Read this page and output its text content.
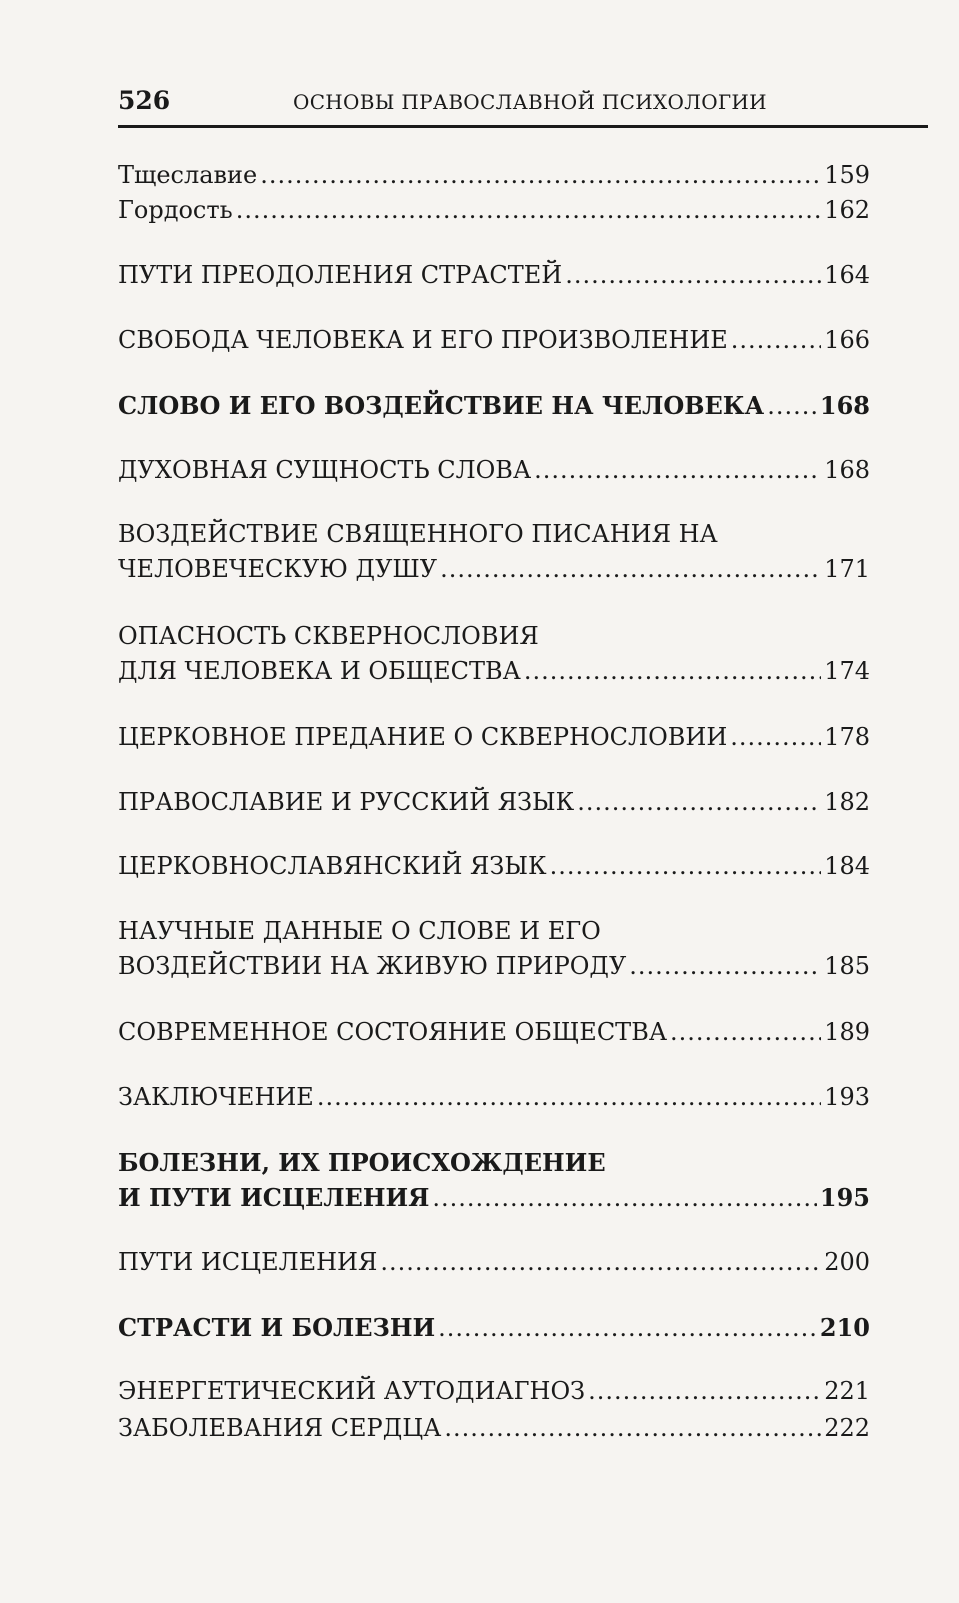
526	ОСНОВЫ ПРАВОСЛАВНОЙ ПСИХОЛОГИИ
Тщеславие .....	159
Гордость .....	162
ПУТИ ПРЕОДОЛЕНИЯ СТРАСТЕЙ .....	164
СВОБОДА ЧЕЛОВЕКА И ЕГО ПРОИЗВОЛЕНИЕ .....	166
СЛОВО И ЕГО ВОЗДЕЙСТВИЕ НА ЧЕЛОВЕКА ..... 168
ДУХОВНАЯ СУЩНОСТЬ СЛОВА .....	168
ВОЗДЕЙСТВИЕ СВЯЩЕННОГО ПИСАНИЯ НА
ЧЕЛОВЕЧЕСКУЮ ДУШУ .....	171
ОПАСНОСТЬ СКВЕРНОСЛОВИЯ
ДЛЯ ЧЕЛОВЕКА И ОБЩЕСТВА .....	174
ЦЕРКОВНОЕ ПРЕДАНИЕ О СКВЕРНОСЛОВИИ .....	178
ПРАВОСЛАВИЕ И РУССКИЙ ЯЗЫК .....	182
ЦЕРКОВНОСЛАВЯНСКИЙ ЯЗЫК .....	184
НАУЧНЫЕ ДАННЫЕ О СЛОВЕ И ЕГО
ВОЗДЕЙСТВИИ НА ЖИВУЮ ПРИРОДУ .....	185
СОВРЕМЕННОЕ СОСТОЯНИЕ ОБЩЕСТВА .....	189
ЗАКЛЮЧЕНИЕ .....	193
БОЛЕЗНИ, ИХ ПРОИСХОЖДЕНИЕ
И ПУТИ ИСЦЕЛЕНИЯ .....	195
ПУТИ ИСЦЕЛЕНИЯ .....	200
СТРАСТИ И БОЛЕЗНИ .....	210
ЭНЕРГЕТИЧЕСКИЙ АУТОДИАГНОЗ .....	221
ЗАБОЛЕВАНИЯ СЕРДЦА .....	222
